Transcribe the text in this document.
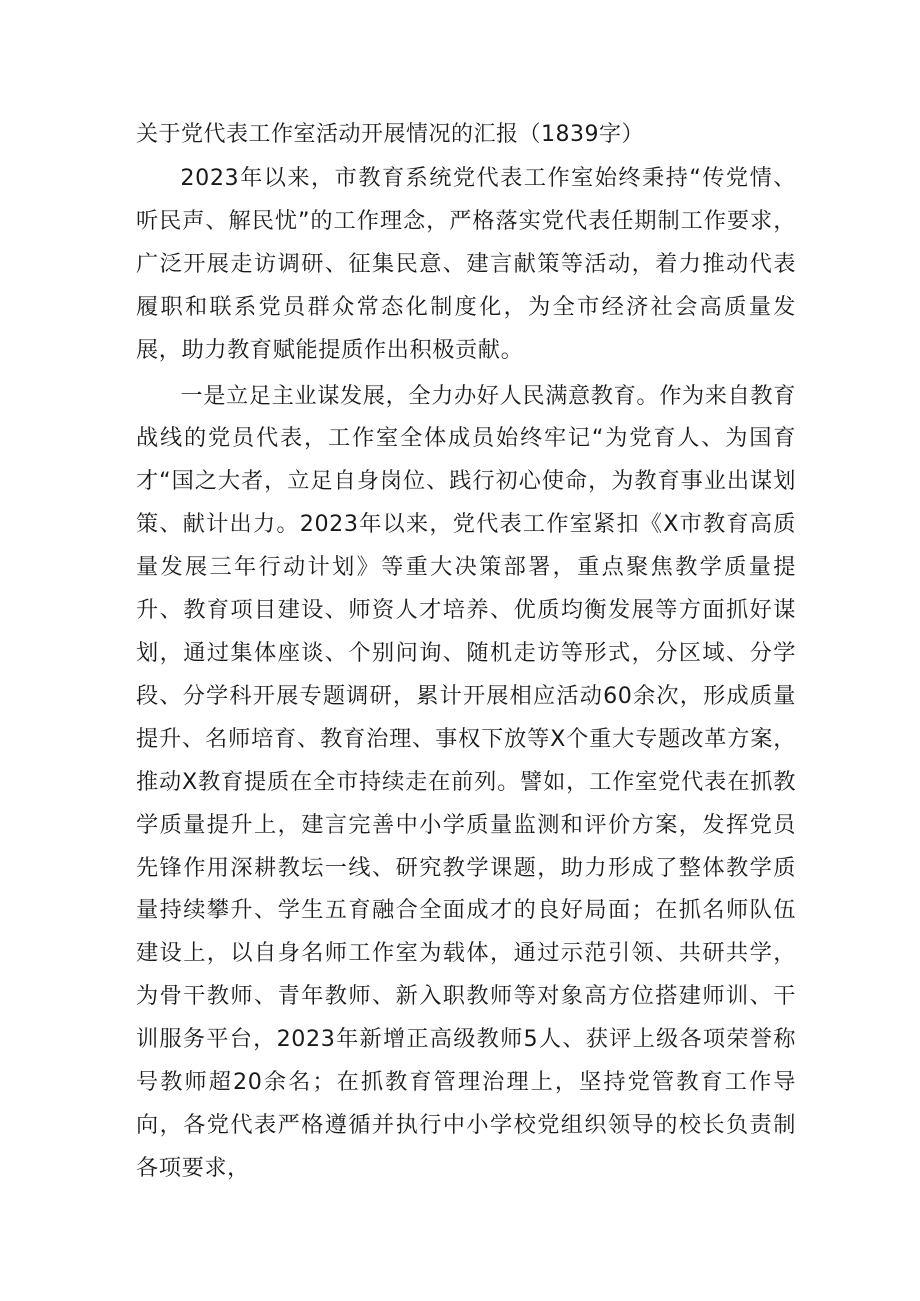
关于党代表工作室活动开展情况的汇报（1839字）

2023年以来，市教育系统党代表工作室始终秉持“传党情、听民声、解民忧”的工作理念，严格落实党代表任期制工作要求，广泛开展走访调研、征集民意、建言献策等活动，着力推动代表履职和联系党员群众常态化制度化，为全市经济社会高质量发展，助力教育赋能提质作出积极贡献。

一是立足主业谋发展，全力办好人民满意教育。作为来自教育战线的党员代表，工作室全体成员始终牢记“为党育人、为国育才“国之大者，立足自身岗位、践行初心使命，为教育事业出谋划策、献计出力。2023年以来，党代表工作室紧扣《X市教育高质量发展三年行动计划》等重大决策部署，重点聚焦教学质量提升、教育项目建设、师资人才培养、优质均衡发展等方面抓好谋划，通过集体座谈、个别问询、随机走访等形式，分区域、分学段、分学科开展专题调研，累计开展相应活动60余次，形成质量提升、名师培育、教育治理、事权下放等X个重大专题改革方案，推动X教育提质在全市持续走在前列。譬如，工作室党代表在抓教学质量提升上，建言完善中小学质量监测和评价方案，发挥党员先锋作用深耕教坛一线、研究教学课题，助力形成了整体教学质量持续攀升、学生五育融合全面成才的良好局面；在抓名师队伍建设上，以自身名师工作室为载体，通过示范引领、共研共学，为骨干教师、青年教师、新入职教师等对象高方位搭建师训、干训服务平台，2023年新增正高级教师5人、获评上级各项荣誉称号教师超20余名；在抓教育管理治理上，坚持党管教育工作导向，各党代表严格遵循并执行中小学校党组织领导的校长负责制各项要求，
